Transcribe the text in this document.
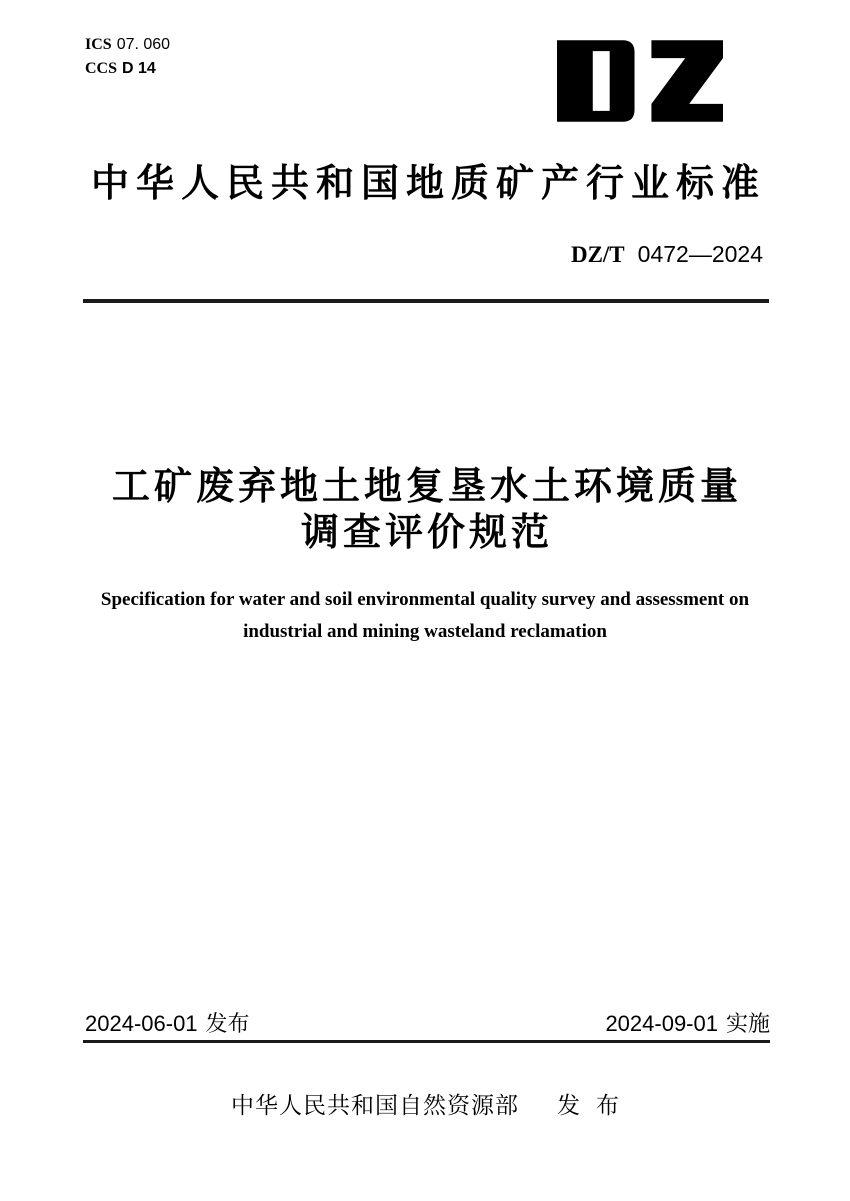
ICS 07. 060
CCS D 14
中华人民共和国地质矿产行业标准
DZ/T 0472—2024
工矿废弃地土地复垦水土环境质量
调查评价规范
Specification for water and soil environmental quality survey and assessment on
industrial and mining wasteland reclamation
2024-06-01 发布	2024-09-01 实施
中华人民共和国自然资源部 发布
